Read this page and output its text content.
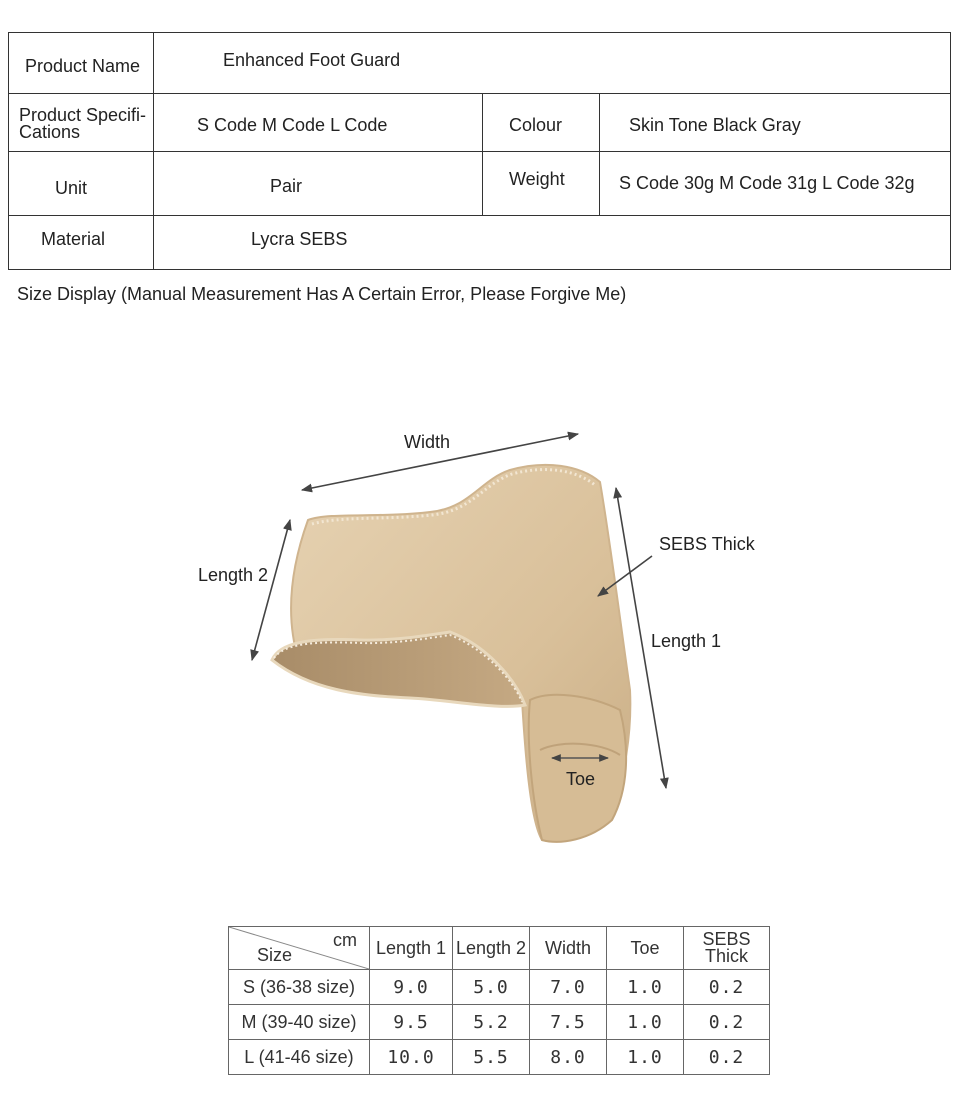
Product Name	Enhanced Foot Guard
Product Specifi-
Cations	S Code M Code L Code	Colour	Skin Tone Black Gray
Unit	Pair	Weight	S Code 30g M Code 31g L Code 32g
Material	Lycra SEBS
Size Display (Manual Measurement Has A Certain Error, Please Forgive Me)
Width
Length 2
SEBS Thick
Length 1
Toe
cm
Size	Length 1	Length 2	Width	Toe	SEBS
Thick
S (36-38 size)	9.0	5.0	7.0	1.0	0.2
M (39-40 size)	9.5	5.2	7.5	1.0	0.2
L (41-46 size)	10.0	5.5	8.0	1.0	0.2
